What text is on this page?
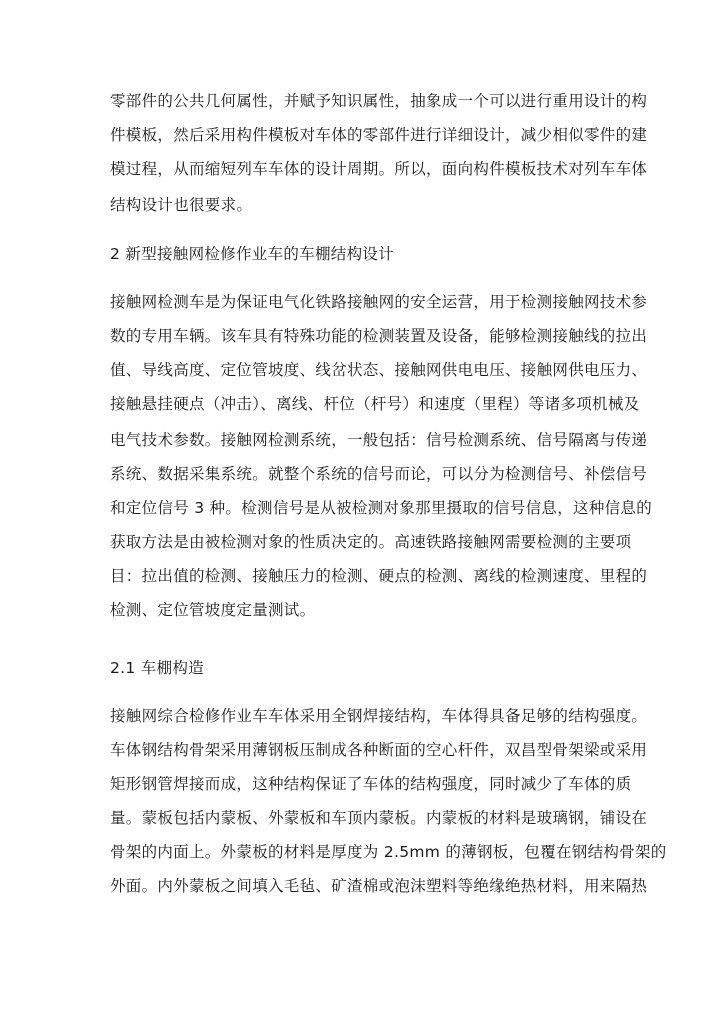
零部件的公共几何属性，并赋予知识属性，抽象成一个可以进行重用设计的构
件模板，然后采用构件模板对车体的零部件进行详细设计，减少相似零件的建
模过程，从而缩短列车车体的设计周期。所以，面向构件模板技术对列车车体
结构设计也很要求。
2 新型接触网检修作业车的车棚结构设计
接触网检测车是为保证电气化铁路接触网的安全运营，用于检测接触网技术参
数的专用车辆。该车具有特殊功能的检测装置及设备，能够检测接触线的拉出
值、导线高度、定位管坡度、线岔状态、接触网供电电压、接触网供电压力、
接触悬挂硬点（冲击）、离线、杆位（杆号）和速度（里程）等诸多项机械及
电气技术参数。接触网检测系统，一般包括：信号检测系统、信号隔离与传递
系统、数据采集系统。就整个系统的信号而论，可以分为检测信号、补偿信号
和定位信号 3 种。检测信号是从被检测对象那里摄取的信号信息，这种信息的
获取方法是由被检测对象的性质决定的。高速铁路接触网需要检测的主要项
目：拉出值的检测、接触压力的检测、硬点的检测、离线的检测速度、里程的
检测、定位管坡度定量测试。
2.1 车棚构造
接触网综合检修作业车车体采用全钢焊接结构，车体得具备足够的结构强度。
车体钢结构骨架采用薄钢板压制成各种断面的空心杆件，双昌型骨架梁或采用
矩形钢管焊接而成，这种结构保证了车体的结构强度，同时减少了车体的质
量。蒙板包括内蒙板、外蒙板和车顶内蒙板。内蒙板的材料是玻璃钢，铺设在
骨架的内面上。外蒙板的材料是厚度为 2.5mm 的薄钢板，包覆在钢结构骨架的
外面。内外蒙板之间填入毛毡、矿渣棉或泡沫塑料等绝缘绝热材料，用来隔热
